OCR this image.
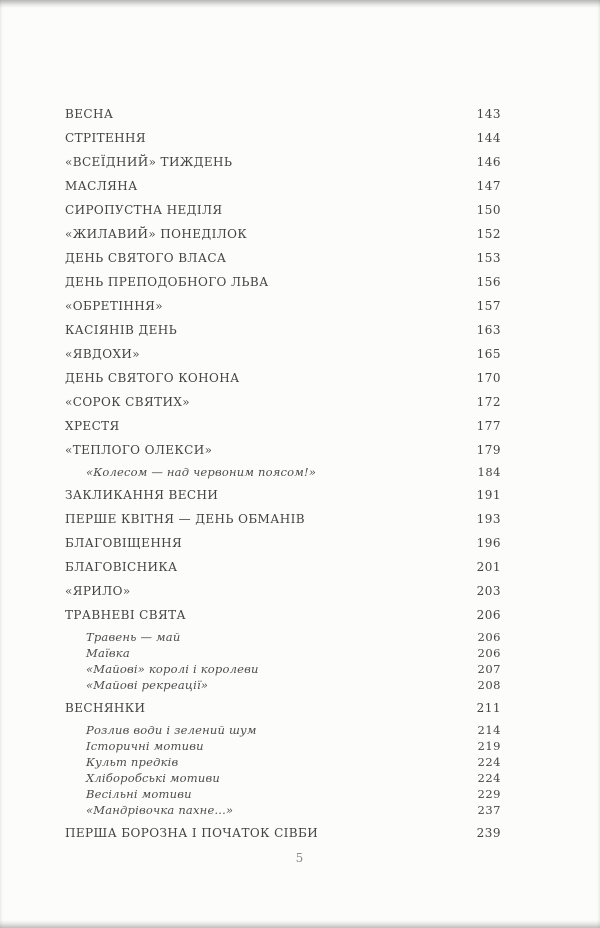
ВЕСНА	143
СТРІТЕННЯ	144
«ВСЕЇДНИЙ» ТИЖДЕНЬ	146
МАСЛЯНА	147
СИРОПУСТНА НЕДІЛЯ	150
«ЖИЛАВИЙ» ПОНЕДІЛОК	152
ДЕНЬ СВЯТОГО ВЛАСА	153
ДЕНЬ ПРЕПОДОБНОГО ЛЬВА	156
«ОБРЕТІННЯ»	157
КАСІЯНІВ ДЕНЬ	163
«ЯВДОХИ»	165
ДЕНЬ СВЯТОГО КОНОНА	170
«СОРОК СВЯТИХ»	172
ХРЕСТЯ	177
«ТЕПЛОГО ОЛЕКСИ»	179
«Колесом — над червоним поясом!»	184
ЗАКЛИКАННЯ ВЕСНИ	191
ПЕРШЕ КВІТНЯ — ДЕНЬ ОБМАНІВ	193
БЛАГОВІЩЕННЯ	196
БЛАГОВІСНИКА	201
«ЯРИЛО»	203
ТРАВНЕВІ СВЯТА	206
Травень — май	206
Маївка	206
«Майові» королі і королеви	207
«Майові рекреації»	208
ВЕСНЯНКИ	211
Розлив води і зелений шум	214
Історичні мотиви	219
Культ предків	224
Хліборобські мотиви	224
Весільні мотиви	229
«Мандрівочка пахне...»	237
ПЕРША БОРОЗНА І ПОЧАТОК СІВБИ	239
5
